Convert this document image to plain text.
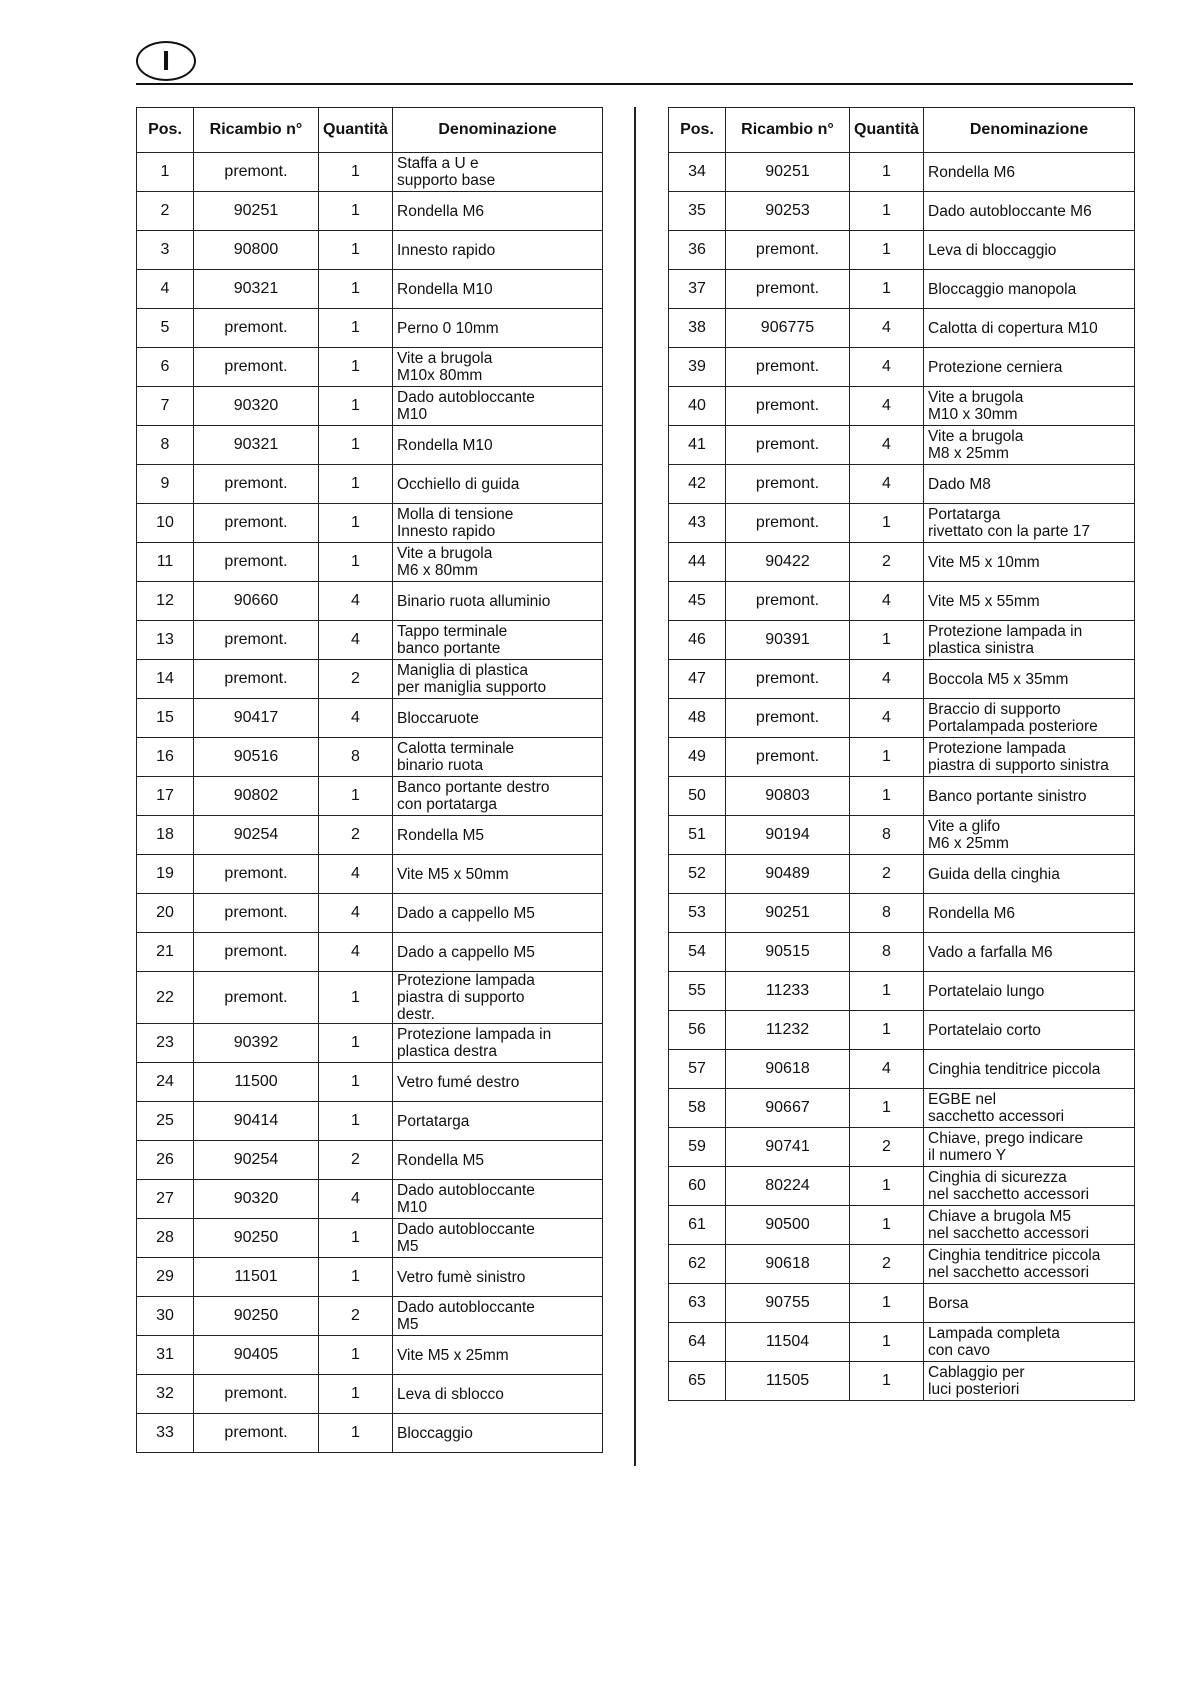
I
Pos.	Ricambio n°	Quantità	Denominazione
1	premont.	1	Staffa a U e
supporto base
2	90251	1	Rondella M6
3	90800	1	Innesto rapido
4	90321	1	Rondella M10
5	premont.	1	Perno 0 10mm
6	premont.	1	Vite a brugola
M10x 80mm
7	90320	1	Dado autobloccante
M10
8	90321	1	Rondella M10
9	premont.	1	Occhiello di guida
10	premont.	1	Molla di tensione
Innesto rapido
11	premont.	1	Vite a brugola
M6 x 80mm
12	90660	4	Binario ruota alluminio
13	premont.	4	Tappo terminale
banco portante
14	premont.	2	Maniglia di plastica
per maniglia supporto
15	90417	4	Bloccaruote
16	90516	8	Calotta terminale
binario ruota
17	90802	1	Banco portante destro
con portatarga
18	90254	2	Rondella M5
19	premont.	4	Vite M5 x 50mm
20	premont.	4	Dado a cappello M5
21	premont.	4	Dado a cappello M5
22	premont.	1	Protezione lampada
piastra di supporto
destr.
23	90392	1	Protezione lampada in
plastica destra
24	11500	1	Vetro fumé destro
25	90414	1	Portatarga
26	90254	2	Rondella M5
27	90320	4	Dado autobloccante
M10
28	90250	1	Dado autobloccante
M5
29	11501	1	Vetro fumè sinistro
30	90250	2	Dado autobloccante
M5
31	90405	1	Vite M5 x 25mm
32	premont.	1	Leva di sblocco
33	premont.	1	Bloccaggio
Pos.	Ricambio n°	Quantità	Denominazione
34	90251	1	Rondella M6
35	90253	1	Dado autobloccante M6

36	premont.	1	Leva di bloccaggio
37	premont.	1	Bloccaggio manopola
38	906775	4	Calotta di copertura M10
39	premont.	4	Protezione cerniera
40	premont.	4	Vite a brugola
M10 x 30mm
41	premont.	4	Vite a brugola
M8 x 25mm
42	premont.	4	Dado M8
43	premont.	1	Portatarga
rivettato con la parte 17
44	90422	2	Vite M5 x 10mm
45	premont.	4	Vite M5 x 55mm
46	90391	1	Protezione lampada in
plastica sinistra
47	premont.	4	Boccola M5 x 35mm
48	premont.	4	Braccio di supporto
Portalampada posteriore
49	premont.	1	Protezione lampada
piastra di supporto sinistra
50	90803	1	Banco portante sinistro
51	90194	8	Vite a glifo
M6 x 25mm
52	90489	2	Guida della cinghia
53	90251	8	Rondella M6
54	90515	8	Vado a farfalla M6
55	11233	1	Portatelaio lungo
56	11232	1	Portatelaio corto
57	90618	4	Cinghia tenditrice piccola
58	90667	1	EGBE nel
sacchetto accessori
59	90741	2	Chiave, prego indicare
il numero Y
60	80224	1	Cinghia di sicurezza
nel sacchetto accessori
61	90500	1	Chiave a brugola M5
nel sacchetto accessori
62	90618	2	Cinghia tenditrice piccola
nel sacchetto accessori
63	90755	1	Borsa
64	11504	1	Lampada completa
con cavo
65	11505	1	Cablaggio per
luci posteriori
